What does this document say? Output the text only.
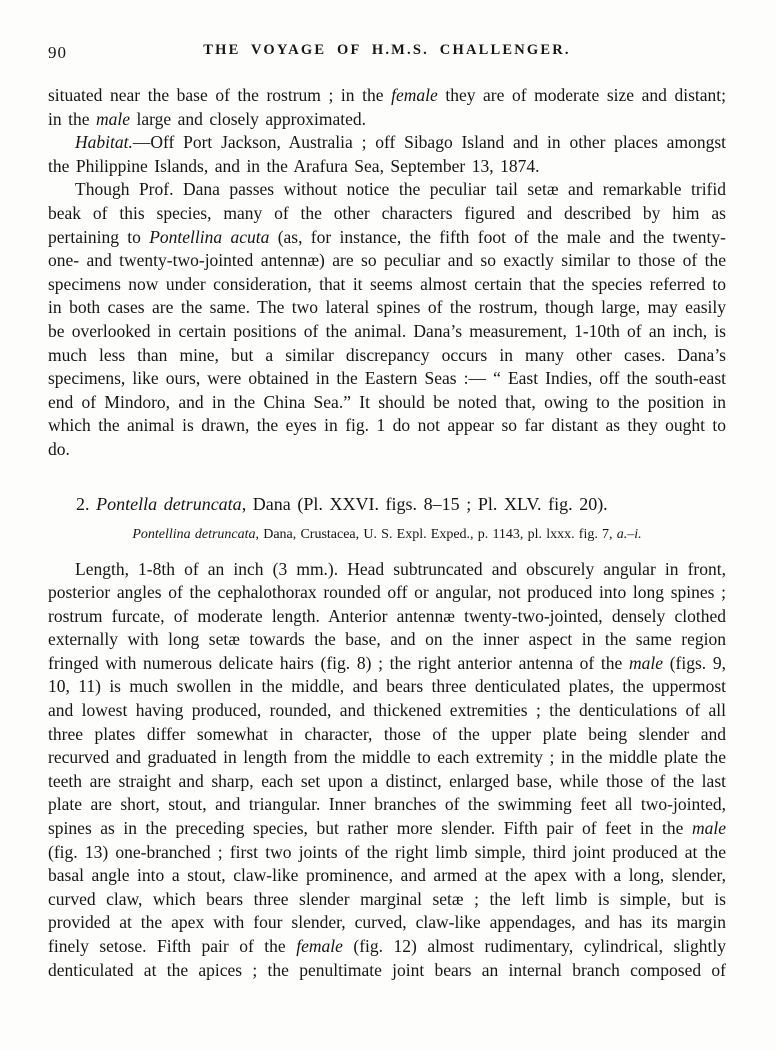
90	THE VOYAGE OF H.M.S. CHALLENGER.

situated near the base of the rostrum ; in the female they are of moderate size and distant; in the male large and closely approximated.

Habitat.—Off Port Jackson, Australia ; off Sibago Island and in other places amongst the Philippine Islands, and in the Arafura Sea, September 13, 1874.

Though Prof. Dana passes without notice the peculiar tail setæ and remarkable trifid beak of this species, many of the other characters figured and described by him as pertaining to Pontellina acuta (as, for instance, the fifth foot of the male and the twenty-one- and twenty-two-jointed antennæ) are so peculiar and so exactly similar to those of the specimens now under consideration, that it seems almost certain that the species referred to in both cases are the same. The two lateral spines of the rostrum, though large, may easily be overlooked in certain positions of the animal. Dana’s measurement, 1-10th of an inch, is much less than mine, but a similar discrepancy occurs in many other cases. Dana’s specimens, like ours, were obtained in the Eastern Seas :— “ East Indies, off the south-east end of Mindoro, and in the China Sea.” It should be noted that, owing to the position in which the animal is drawn, the eyes in fig. 1 do not appear so far distant as they ought to do.

2. Pontella detruncata, Dana (Pl. XXVI. figs. 8–15 ; Pl. XLV. fig. 20).

Pontellina detruncata, Dana, Crustacea, U. S. Expl. Exped., p. 1143, pl. lxxx. fig. 7, a.–i.

Length, 1-8th of an inch (3 mm.). Head subtruncated and obscurely angular in front, posterior angles of the cephalothorax rounded off or angular, not produced into long spines ; rostrum furcate, of moderate length. Anterior antennæ twenty-two-jointed, densely clothed externally with long setæ towards the base, and on the inner aspect in the same region fringed with numerous delicate hairs (fig. 8) ; the right anterior antenna of the male (figs. 9, 10, 11) is much swollen in the middle, and bears three denticulated plates, the uppermost and lowest having produced, rounded, and thickened extremities ; the denticulations of all three plates differ somewhat in character, those of the upper plate being slender and recurved and graduated in length from the middle to each extremity ; in the middle plate the teeth are straight and sharp, each set upon a distinct, enlarged base, while those of the last plate are short, stout, and triangular. Inner branches of the swimming feet all two-jointed, spines as in the preceding species, but rather more slender. Fifth pair of feet in the male (fig. 13) one-branched ; first two joints of the right limb simple, third joint produced at the basal angle into a stout, claw-like prominence, and armed at the apex with a long, slender, curved claw, which bears three slender marginal setæ ; the left limb is simple, but is provided at the apex with four slender, curved, claw-like appendages, and has its margin finely setose. Fifth pair of the female (fig. 12) almost rudimentary, cylindrical, slightly denticulated at the apices ; the penultimate joint bears an internal branch composed of
